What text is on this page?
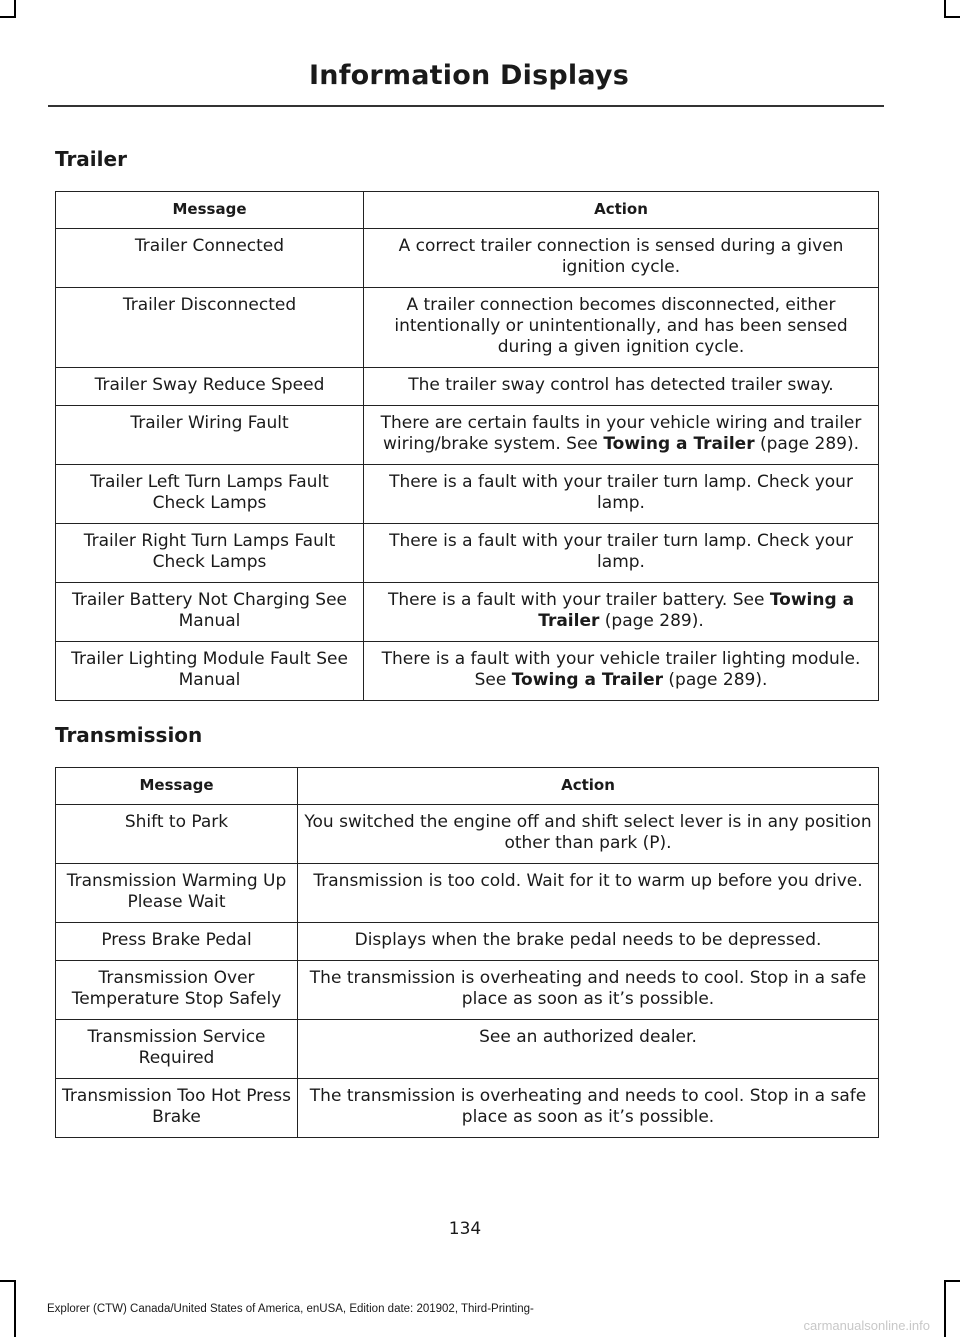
Information Displays
Trailer
Message	Action
Trailer Connected	A correct trailer connection is sensed during a given ignition cycle.
Trailer Disconnected	A trailer connection becomes disconnected, either intentionally or unintentionally, and has been sensed during a given ignition cycle.
Trailer Sway Reduce Speed	The trailer sway control has detected trailer sway.
Trailer Wiring Fault	There are certain faults in your vehicle wiring and trailer wiring/brake system. See Towing a Trailer (page 289).
Trailer Left Turn Lamps Fault Check Lamps	There is a fault with your trailer turn lamp. Check your lamp.
Trailer Right Turn Lamps Fault Check Lamps	There is a fault with your trailer turn lamp. Check your lamp.
Trailer Battery Not Charging See Manual	There is a fault with your trailer battery. See Towing a Trailer (page 289).
Trailer Lighting Module Fault See Manual	There is a fault with your vehicle trailer lighting module. See Towing a Trailer (page 289).
Transmission
Message	Action
Shift to Park	You switched the engine off and shift select lever is in any position other than park (P).
Transmission Warming Up Please Wait	Transmission is too cold. Wait for it to warm up before you drive.
Press Brake Pedal	Displays when the brake pedal needs to be depressed.
Transmission Over Temperature Stop Safely	The transmission is overheating and needs to cool. Stop in a safe place as soon as it’s possible.
Transmission Service Required	See an authorized dealer.
Transmission Too Hot Press Brake	The transmission is overheating and needs to cool. Stop in a safe place as soon as it’s possible.
134
Explorer (CTW) Canada/United States of America, enUSA, Edition date: 201902, Third-Printing-
carmanualsonline.info
